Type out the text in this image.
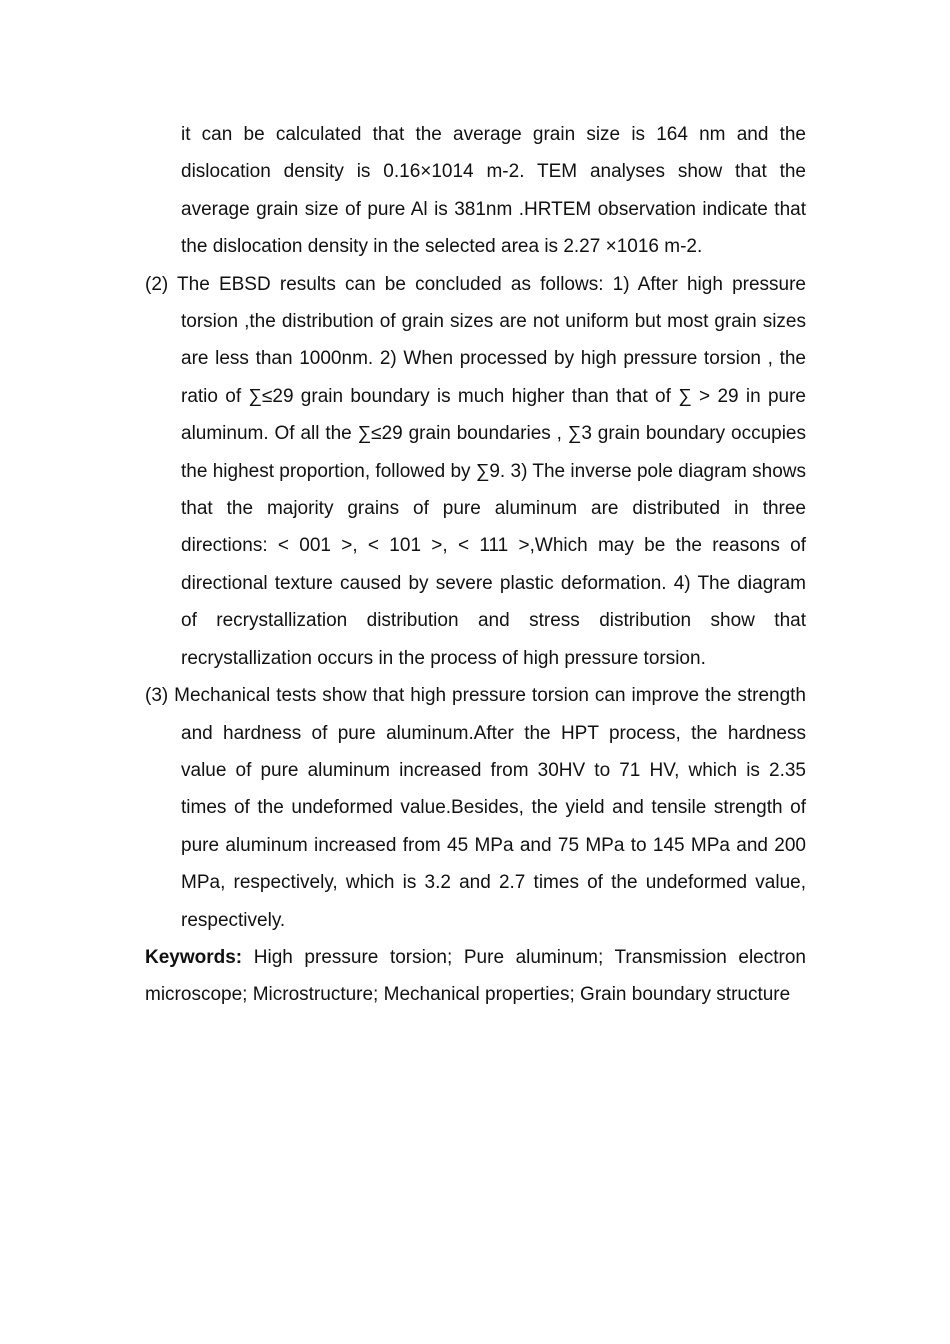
it can be calculated that the average grain size is 164 nm and the dislocation density is 0.16×1014 m-2. TEM analyses show that the average grain size of pure Al is 381nm .HRTEM observation indicate that the dislocation density in the selected area is 2.27 ×1016 m-2.

(2) The EBSD results can be concluded as follows: 1) After high pressure torsion ,the distribution of grain sizes are not uniform but most grain sizes are less than 1000nm. 2) When processed by high pressure torsion , the ratio of ∑≤29 grain boundary is much higher than that of ∑ > 29 in pure aluminum. Of all the ∑≤29 grain boundaries , ∑3 grain boundary occupies the highest proportion, followed by ∑9. 3) The inverse pole diagram shows that the majority grains of pure aluminum are distributed in three directions: < 001 >, < 101 >, < 111 >,Which may be the reasons of directional texture caused by severe plastic deformation. 4) The diagram of recrystallization distribution and stress distribution show that recrystallization occurs in the process of high pressure torsion.

(3) Mechanical tests show that high pressure torsion can improve the strength and hardness of pure aluminum.After the HPT process, the hardness value of pure aluminum increased from 30HV to 71 HV, which is 2.35 times of the undeformed value.Besides, the yield and tensile strength of pure aluminum increased from 45 MPa and 75 MPa to 145 MPa and 200 MPa, respectively, which is 3.2 and 2.7 times of the undeformed value, respectively.

Keywords: High pressure torsion; Pure aluminum; Transmission electron microscope; Microstructure; Mechanical properties; Grain boundary structure
